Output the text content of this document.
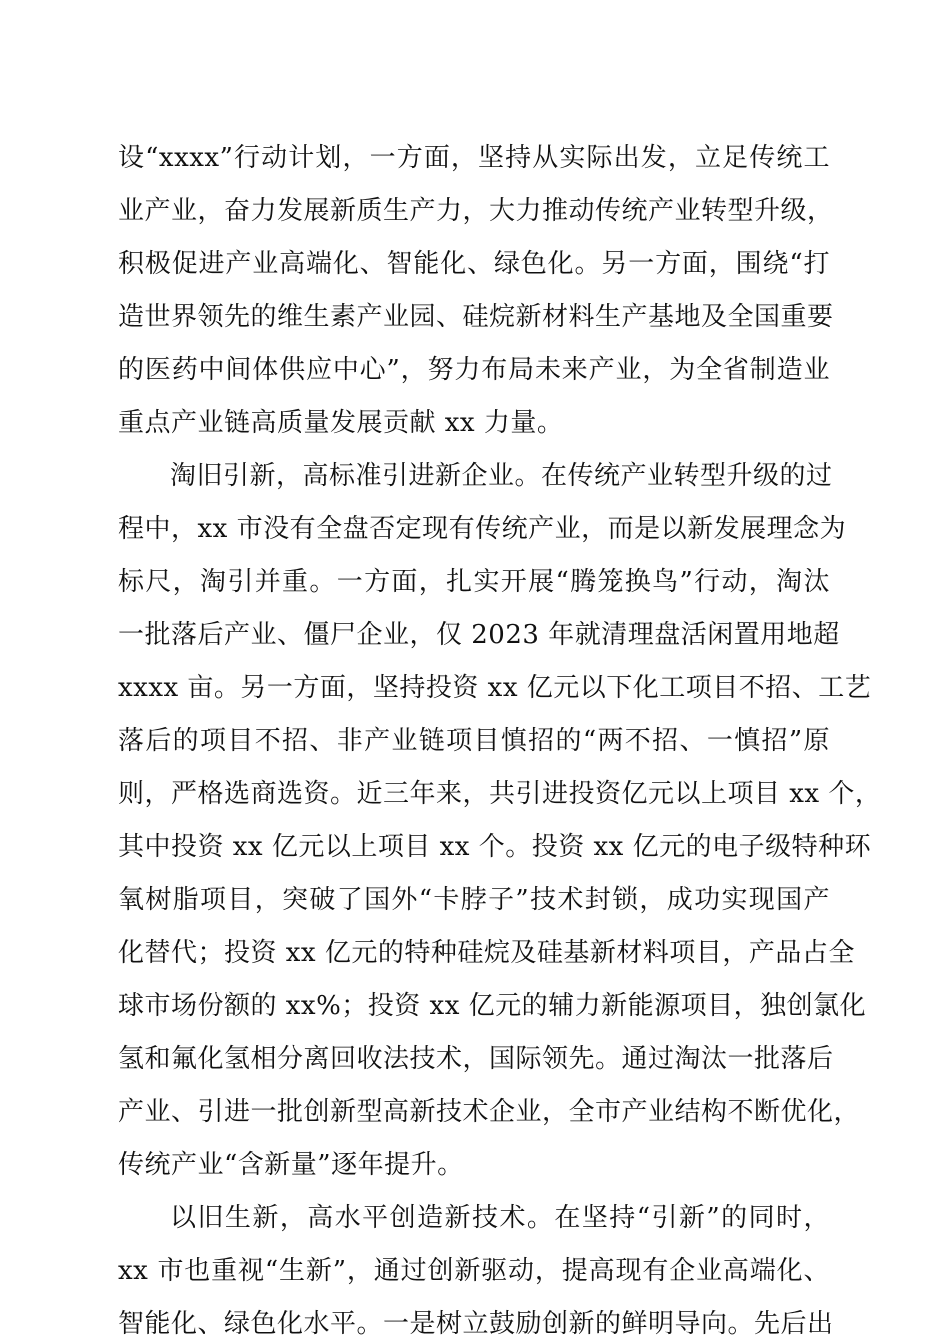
设“xxxx”行动计划，一方面，坚持从实际出发，立足传统工
业产业，奋力发展新质生产力，大力推动传统产业转型升级，
积极促进产业高端化、智能化、绿色化。另一方面，围绕“打
造世界领先的维生素产业园、硅烷新材料生产基地及全国重要
的医药中间体供应中心”，努力布局未来产业，为全省制造业
重点产业链高质量发展贡献 xx 力量。
淘旧引新，高标准引进新企业。在传统产业转型升级的过
程中，xx 市没有全盘否定现有传统产业，而是以新发展理念为
标尺，淘引并重。一方面，扎实开展“腾笼换鸟”行动，淘汰
一批落后产业、僵尸企业，仅 2023 年就清理盘活闲置用地超
xxxx 亩。另一方面，坚持投资 xx 亿元以下化工项目不招、工艺
落后的项目不招、非产业链项目慎招的“两不招、一慎招”原
则，严格选商选资。近三年来，共引进投资亿元以上项目 xx 个，
其中投资 xx 亿元以上项目 xx 个。投资 xx 亿元的电子级特种环
氧树脂项目，突破了国外“卡脖子”技术封锁，成功实现国产
化替代；投资 xx 亿元的特种硅烷及硅基新材料项目，产品占全
球市场份额的 xx%；投资 xx 亿元的辅力新能源项目，独创氯化
氢和氟化氢相分离回收法技术，国际领先。通过淘汰一批落后
产业、引进一批创新型高新技术企业，全市产业结构不断优化，
传统产业“含新量”逐年提升。
以旧生新，高水平创造新技术。在坚持“引新”的同时，
xx 市也重视“生新”，通过创新驱动，提高现有企业高端化、
智能化、绿色化水平。一是树立鼓励创新的鲜明导向。先后出
